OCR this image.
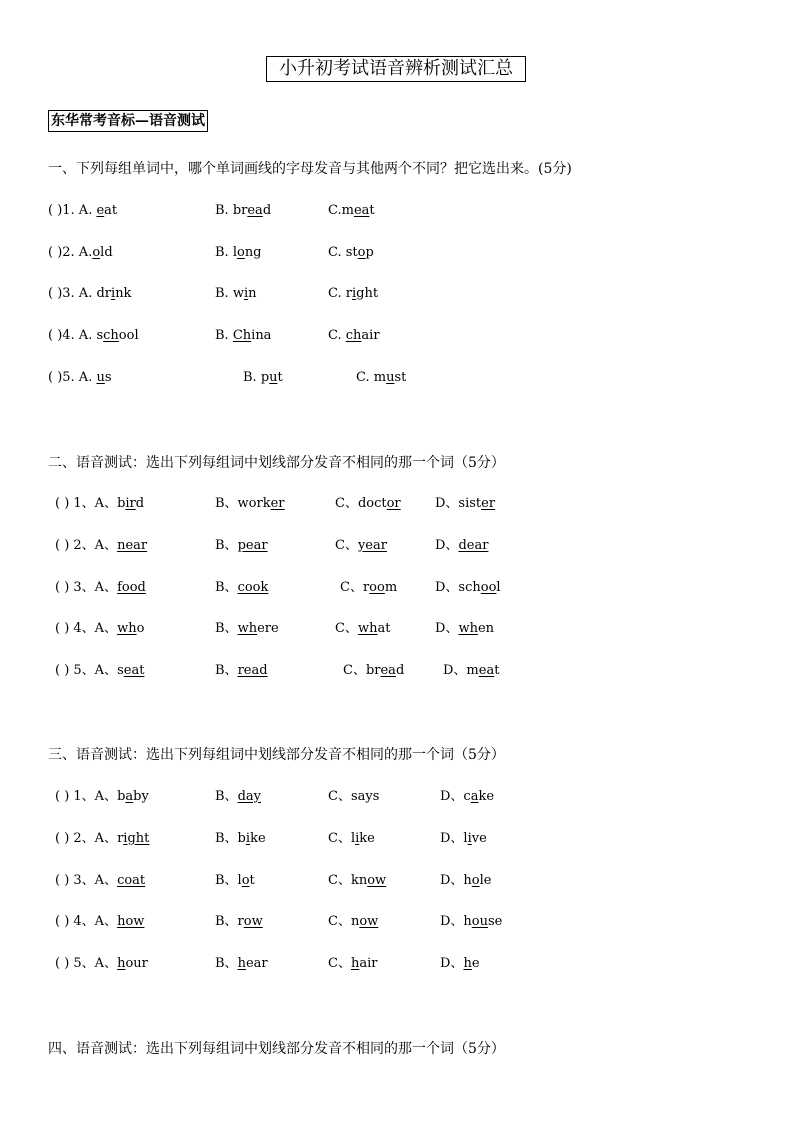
小升初考试语音辨析测试汇总
东华常考音标—语音测试
一、下列每组单词中，哪个单词画线的字母发音与其他两个不同？把它选出来。(5分)
( )1. A. eat	B. bread	C.meat
( )2. A.old	B. long	C. stop
( )3. A. drink	B. win	C. right
( )4. A. school	B. China	C. chair
( )5. A. us	B. put	C. must
二、语音测试：选出下列每组词中划线部分发音不相同的那一个词（5分）
( ) 1、A、bird	B、worker	C、doctor	D、sister
( ) 2、A、near	B、pear	C、year	D、dear
( ) 3、A、food	B、cook	C、room	D、school
( ) 4、A、who	B、where	C、what	D、when
( ) 5、A、seat	B、read	C、bread	D、meat
三、语音测试：选出下列每组词中划线部分发音不相同的那一个词（5分）
( ) 1、A、baby	B、day	C、says	D、cake
( ) 2、A、right	B、bike	C、like	D、live
( ) 3、A、coat	B、lot	C、know	D、hole
( ) 4、A、how	B、row	C、now	D、house
( ) 5、A、hour	B、hear	C、hair	D、he
四、语音测试：选出下列每组词中划线部分发音不相同的那一个词（5分）
